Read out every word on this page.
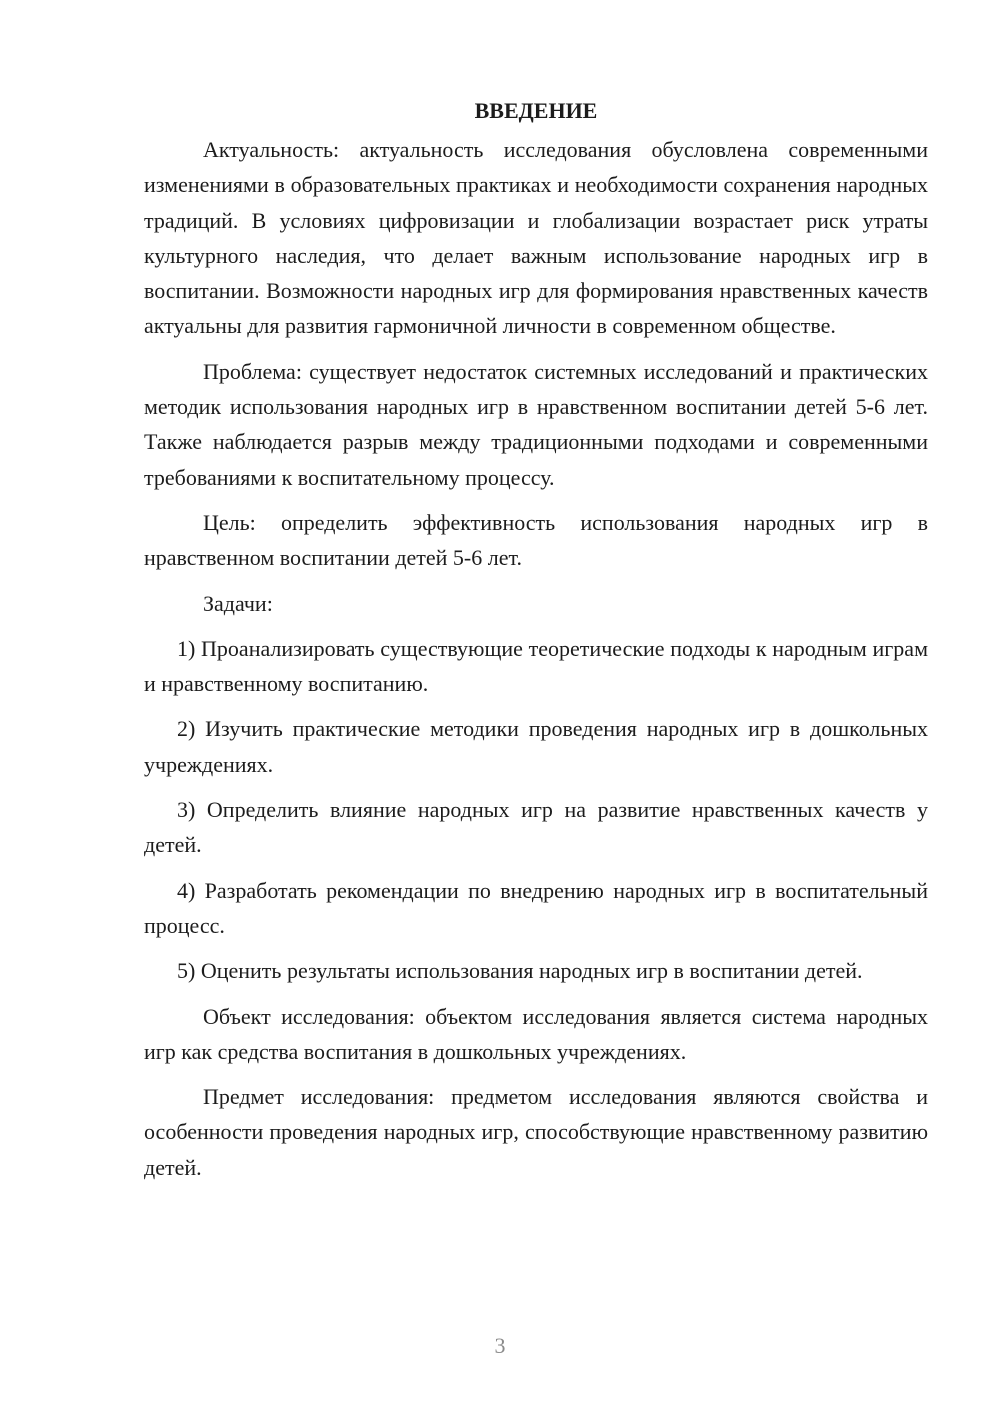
ВВЕДЕНИЕ

Актуальность: актуальность исследования обусловлена современными изменениями в образовательных практиках и необходимости сохранения народных традиций. В условиях цифровизации и глобализации возрастает риск утраты культурного наследия, что делает важным использование народных игр в воспитании. Возможности народных игр для формирования нравственных качеств актуальны для развития гармоничной личности в современном обществе.

Проблема: существует недостаток системных исследований и практических методик использования народных игр в нравственном воспитании детей 5-6 лет. Также наблюдается разрыв между традиционными подходами и современными требованиями к воспитательному процессу.

Цель: определить эффективность использования народных игр в нравственном воспитании детей 5-6 лет.

Задачи:

1) Проанализировать существующие теоретические подходы к народным играм и нравственному воспитанию.

2) Изучить практические методики проведения народных игр в дошкольных учреждениях.

3) Определить влияние народных игр на развитие нравственных качеств у детей.

4) Разработать рекомендации по внедрению народных игр в воспитательный процесс.

5) Оценить результаты использования народных игр в воспитании детей.

Объект исследования: объектом исследования является система народных игр как средства воспитания в дошкольных учреждениях.

Предмет исследования: предметом исследования являются свойства и особенности проведения народных игр, способствующие нравственному развитию детей.

3
